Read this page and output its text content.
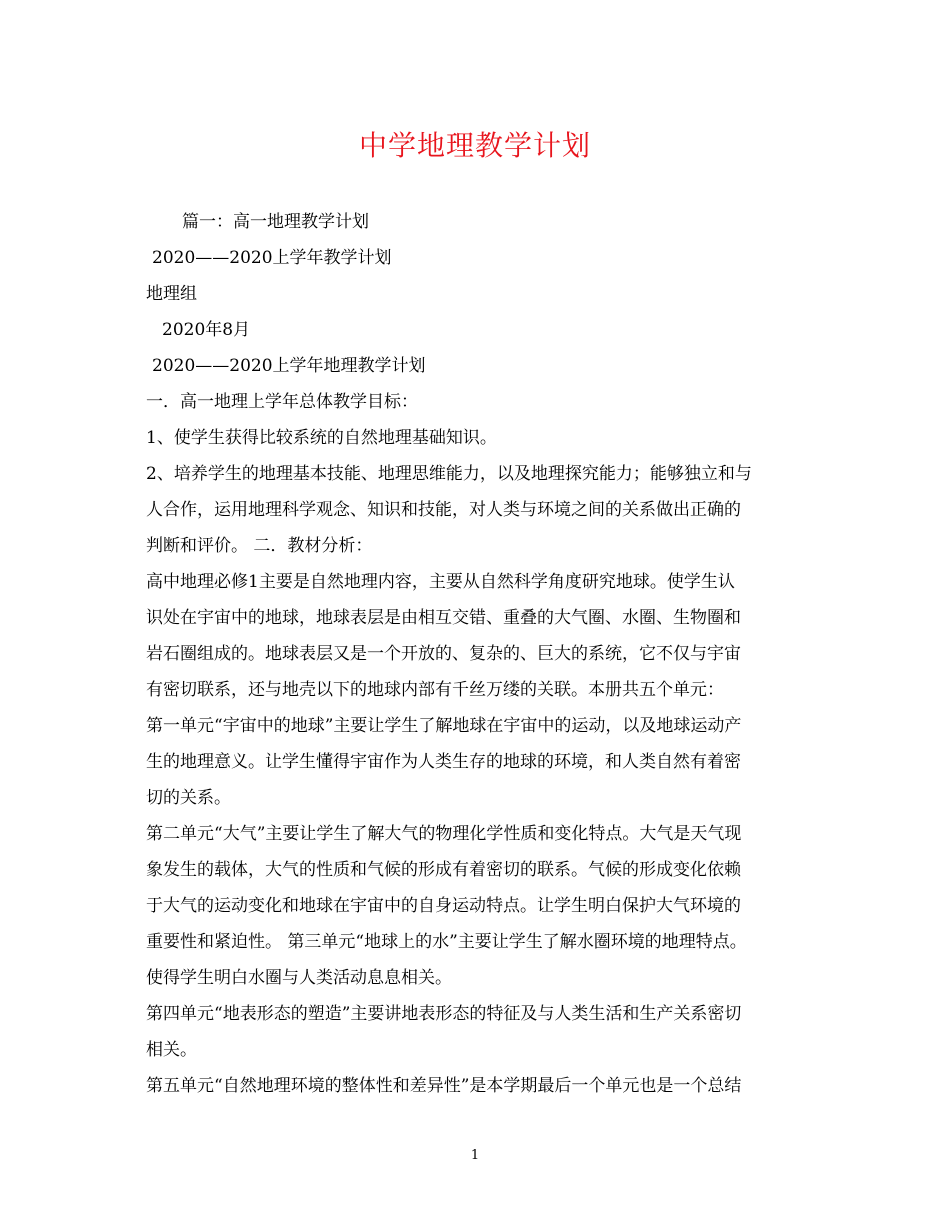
中学地理教学计划

篇一：高一地理教学计划

2020——2020上学年教学计划

地理组

2020年8月

2020——2020上学年地理教学计划

一．高一地理上学年总体教学目标：

1、使学生获得比较系统的自然地理基础知识。

2、培养学生的地理基本技能、地理思维能力，以及地理探究能力；能够独立和与

人合作，运用地理科学观念、知识和技能，对人类与环境之间的关系做出正确的

判断和评价。 二．教材分析：

高中地理必修1主要是自然地理内容，主要从自然科学角度研究地球。使学生认

识处在宇宙中的地球，地球表层是由相互交错、重叠的大气圈、水圈、生物圈和

岩石圈组成的。地球表层又是一个开放的、复杂的、巨大的系统，它不仅与宇宙

有密切联系，还与地壳以下的地球内部有千丝万缕的关联。本册共五个单元：

第一单元“宇宙中的地球”主要让学生了解地球在宇宙中的运动，以及地球运动产

生的地理意义。让学生懂得宇宙作为人类生存的地球的环境，和人类自然有着密

切的关系。

第二单元“大气”主要让学生了解大气的物理化学性质和变化特点。大气是天气现

象发生的载体，大气的性质和气候的形成有着密切的联系。气候的形成变化依赖

于大气的运动变化和地球在宇宙中的自身运动特点。让学生明白保护大气环境的

重要性和紧迫性。 第三单元“地球上的水”主要让学生了解水圈环境的地理特点。

使得学生明白水圈与人类活动息息相关。

第四单元“地表形态的塑造”主要讲地表形态的特征及与人类生活和生产关系密切

相关。

第五单元“自然地理环境的整体性和差异性”是本学期最后一个单元也是一个总结

1
